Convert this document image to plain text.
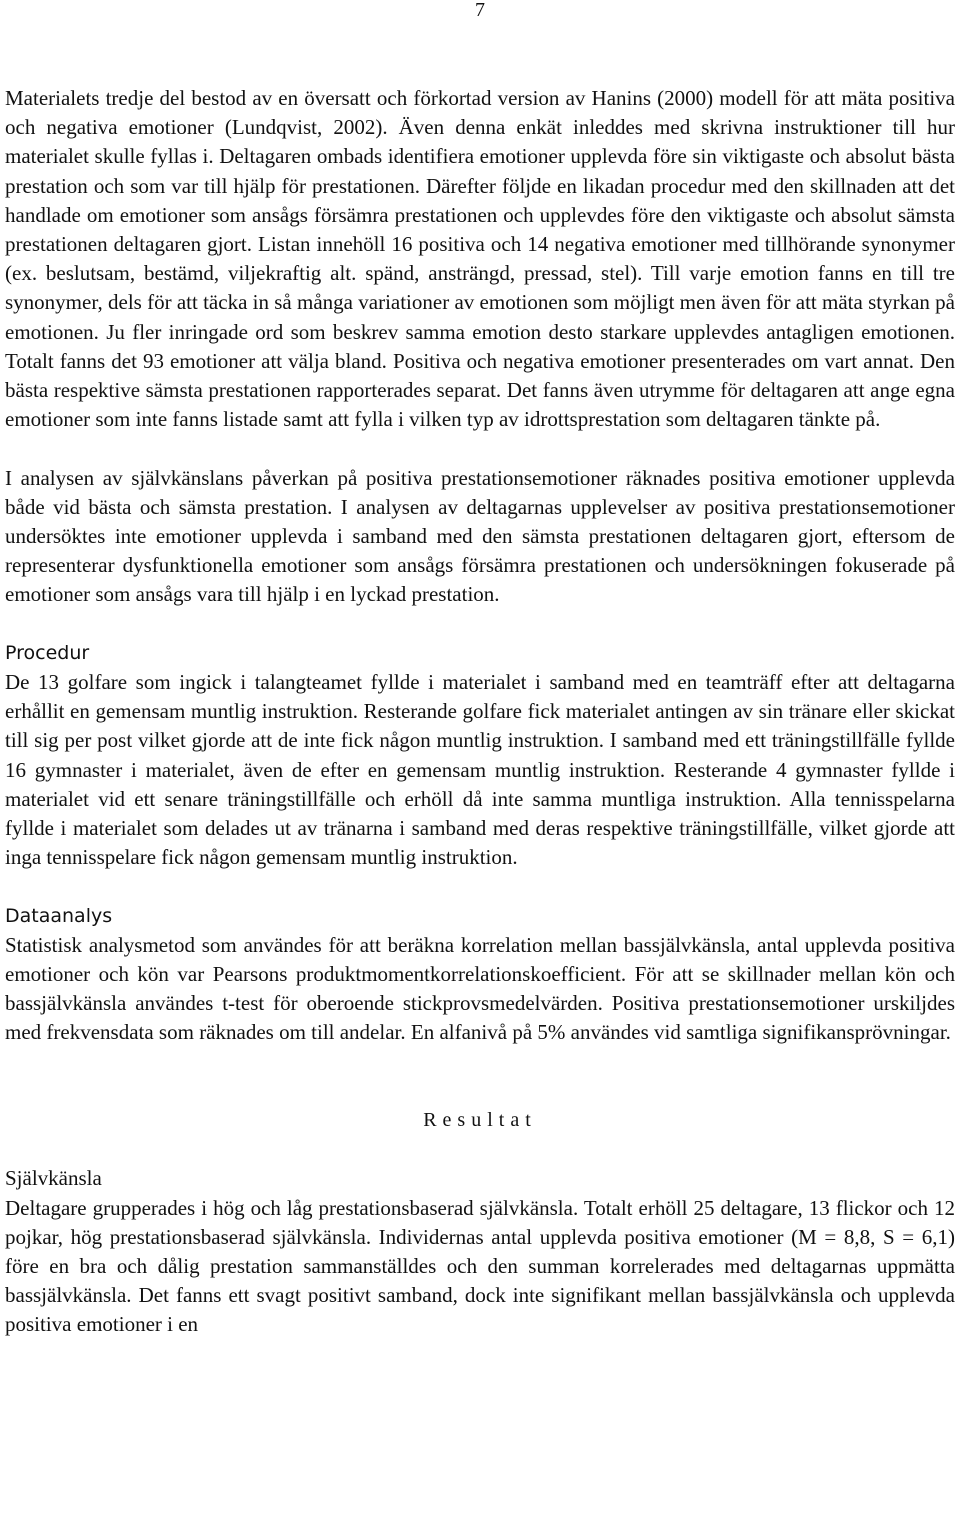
7

Materialets tredje del bestod av en översatt och förkortad version av Hanins (2000) modell för att mäta positiva och negativa emotioner (Lundqvist, 2002). Även denna enkät inleddes med skrivna instruktioner till hur materialet skulle fyllas i. Deltagaren ombads identifiera emotioner upplevda före sin viktigaste och absolut bästa prestation och som var till hjälp för prestationen. Därefter följde en likadan procedur med den skillnaden att det handlade om emotioner som ansågs försämra prestationen och upplevdes före den viktigaste och absolut sämsta prestationen deltagaren gjort. Listan innehöll 16 positiva och 14 negativa emotioner med tillhörande synonymer (ex. beslutsam, bestämd, viljekraftig alt. spänd, ansträngd, pressad, stel). Till varje emotion fanns en till tre synonymer, dels för att täcka in så många variationer av emotionen som möjligt men även för att mäta styrkan på emotionen. Ju fler inringade ord som beskrev samma emotion desto starkare upplevdes antagligen emotionen. Totalt fanns det 93 emotioner att välja bland. Positiva och negativa emotioner presenterades om vart annat. Den bästa respektive sämsta prestationen rapporterades separat. Det fanns även utrymme för deltagaren att ange egna emotioner som inte fanns listade samt att fylla i vilken typ av idrottsprestation som deltagaren tänkte på.

I analysen av självkänslans påverkan på positiva prestationsemotioner räknades positiva emotioner upplevda både vid bästa och sämsta prestation. I analysen av deltagarnas upplevelser av positiva prestationsemotioner undersöktes inte emotioner upplevda i samband med den sämsta prestationen deltagaren gjort, eftersom de representerar dysfunktionella emotioner som ansågs försämra prestationen och undersökningen fokuserade på emotioner som ansågs vara till hjälp i en lyckad prestation.

Procedur

De 13 golfare som ingick i talangteamet fyllde i materialet i samband med en teamträff efter att deltagarna erhållit en gemensam muntlig instruktion. Resterande golfare fick materialet antingen av sin tränare eller skickat till sig per post vilket gjorde att de inte fick någon muntlig instruktion. I samband med ett träningstillfälle fyllde 16 gymnaster i materialet, även de efter en gemensam muntlig instruktion. Resterande 4 gymnaster fyllde i materialet vid ett senare träningstillfälle och erhöll då inte samma muntliga instruktion. Alla tennisspelarna fyllde i materialet som delades ut av tränarna i samband med deras respektive träningstillfälle, vilket gjorde att inga tennisspelare fick någon gemensam muntlig instruktion.

Dataanalys

Statistisk analysmetod som användes för att beräkna korrelation mellan bassjälvkänsla, antal upplevda positiva emotioner och kön var Pearsons produktmomentkorrelationskoefficient. För att se skillnader mellan kön och bassjälvkänsla användes t-test för oberoende stickprovsmedelvärden. Positiva prestationsemotioner urskiljdes med frekvensdata som räknades om till andelar. En alfanivå på 5% användes vid samtliga signifikansprövningar.

Resultat
Självkänsla

Deltagare grupperades i hög och låg prestationsbaserad självkänsla. Totalt erhöll 25 deltagare, 13 flickor och 12 pojkar, hög prestationsbaserad självkänsla. Individernas antal upplevda positiva emotioner (M = 8,8, S = 6,1) före en bra och dålig prestation sammanställdes och den summan korrelerades med deltagarnas uppmätta bassjälvkänsla. Det fanns ett svagt positivt samband, dock inte signifikant mellan bassjälvkänsla och upplevda positiva emotioner i en
